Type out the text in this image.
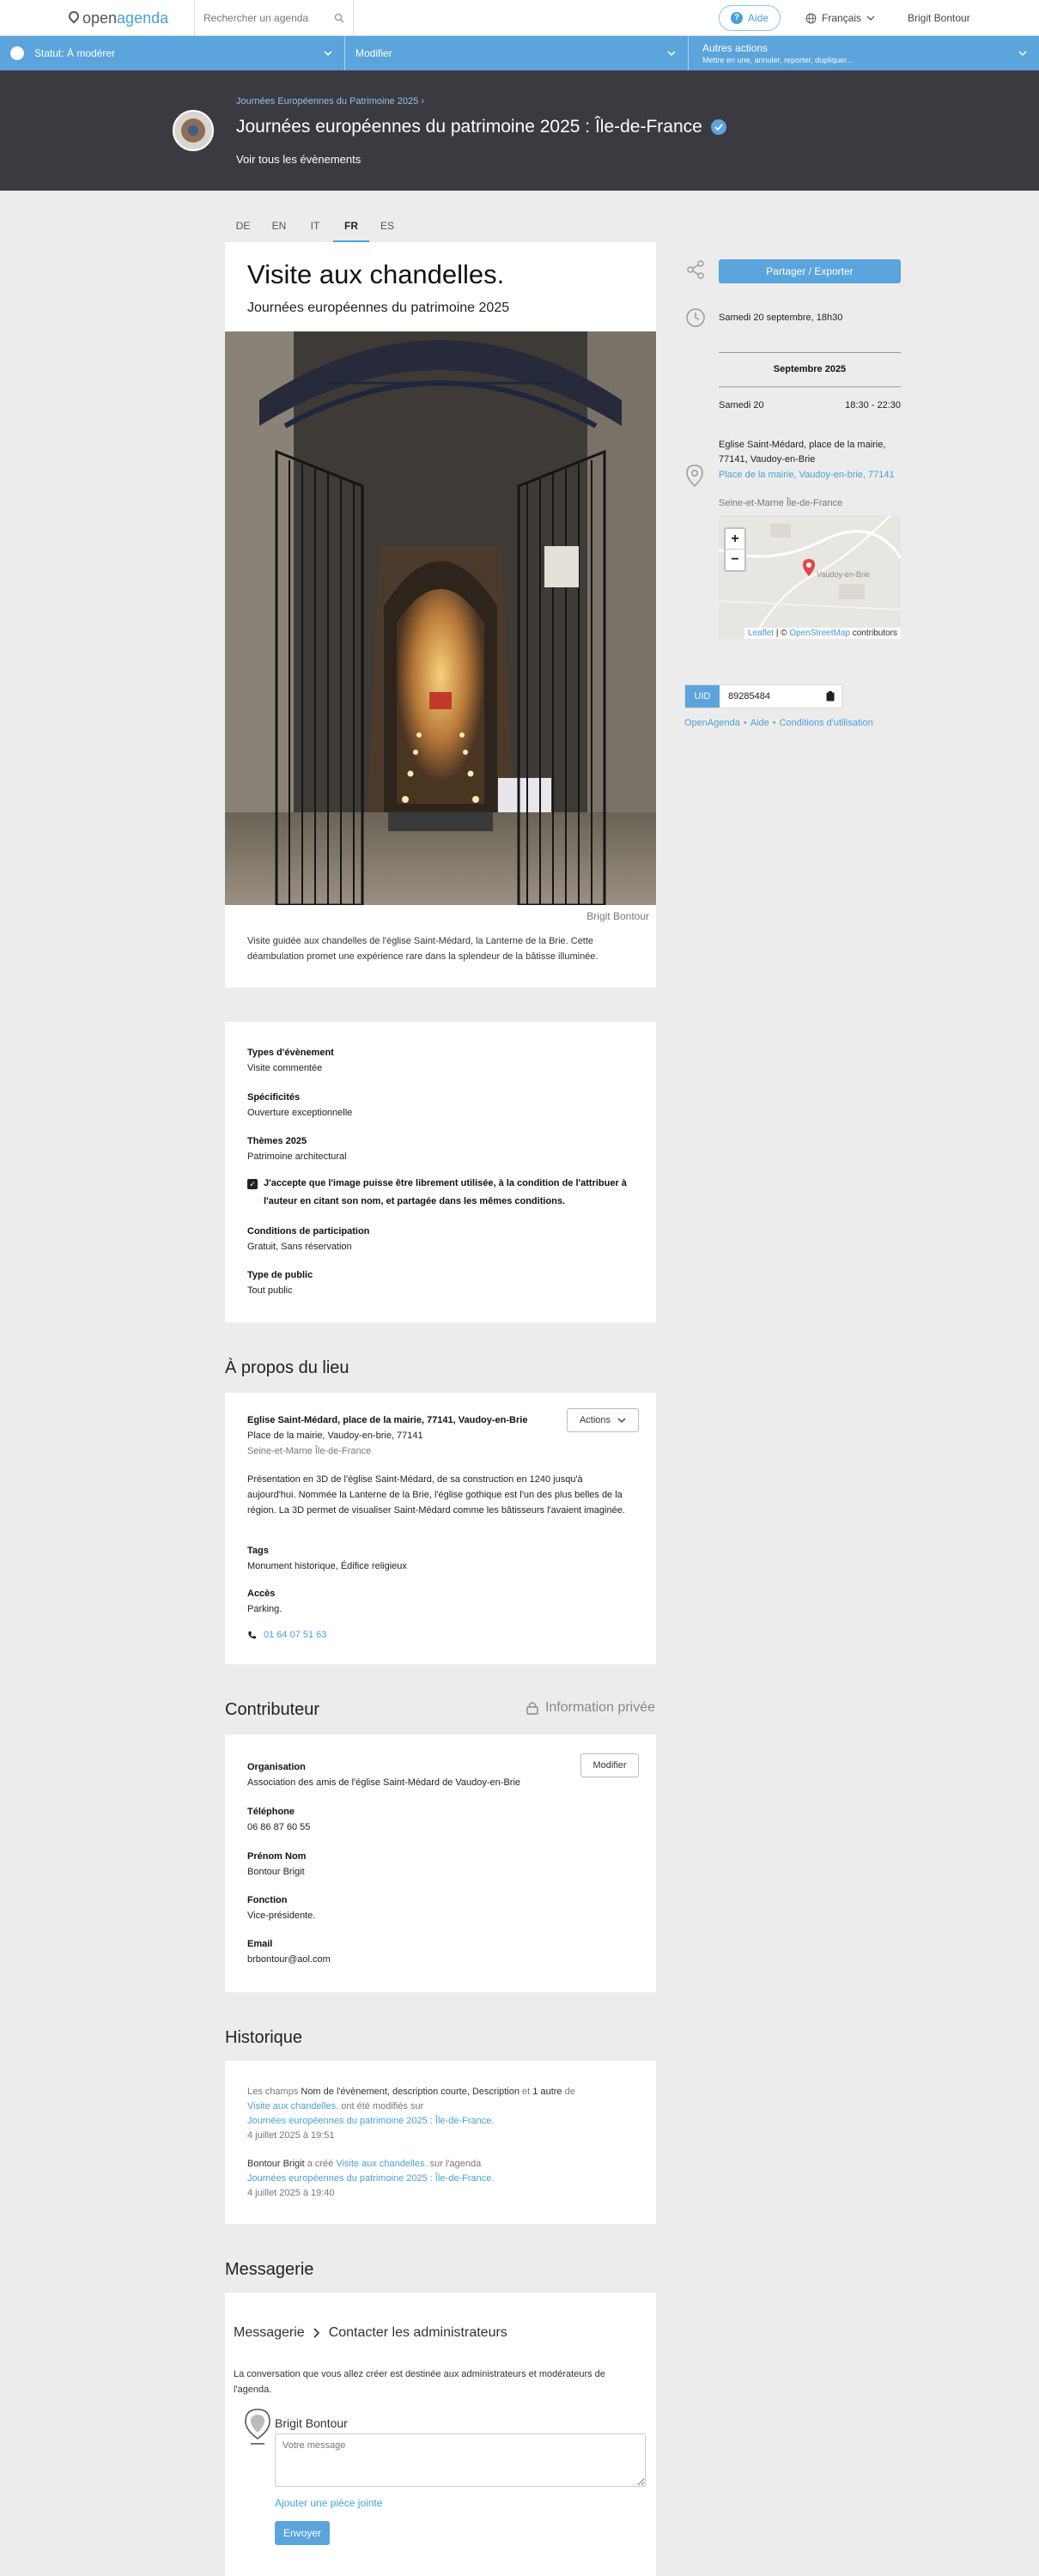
open agenda	Rechercher un agenda	? Aide	Français	Brigit Bontour
Statut: À modérer	Modifier	Autres actions
Mettre en une, annuler, reporter, dupliquer...
Journées Européennes du Patrimoine 2025 ›
Journées européennes du patrimoine 2025 : Île-de-France
Voir tous les évènements
DE	EN	IT	FR	ES
Visite aux chandelles.
Journées européennes du patrimoine 2025
Brigit Bontour
Visite guidée aux chandelles de l'église Saint-Médard, la Lanterne de la Brie. Cette déambulation promet une expérience rare dans la splendeur de la bâtisse illuminée.
Types d'évènement
Visite commentée
Spécificités
Ouverture exceptionnelle
Thèmes 2025
Patrimoine architectural
✓ J'accepte que l'image puisse être librement utilisée, à la condition de l'attribuer à l'auteur en citant son nom, et partagée dans les mêmes conditions.
Conditions de participation
Gratuit, Sans réservation
Type de public
Tout public
À propos du lieu
Eglise Saint-Médard, place de la mairie, 77141, Vaudoy-en-Brie
Place de la mairie, Vaudoy-en-brie, 77141
Seine-et-Marne Île-de-France
Actions
Présentation en 3D de l'église Saint-Médard, de sa construction en 1240 jusqu'à aujourd'hui. Nommée la Lanterne de la Brie, l'église gothique est l'un des plus belles de la région. La 3D permet de visualiser Saint-Médard comme les bâtisseurs l'avaient imaginée.
Tags
Monument historique, Édifice religieux
Accès
Parking.
01 64 07 51 63
Contributeur	Information privée
Modifier
Organisation
Association des amis de l'église Saint-Médard de Vaudoy-en-Brie
Téléphone
06 86 87 60 55
Prénom Nom
Bontour Brigit
Fonction
Vice-présidente.
Email
brbontour@aol.com
Historique
Les champs Nom de l'évènement, description courte, Description et 1 autre de
Visite aux chandelles. ont été modifiés sur
Journées européennes du patrimoine 2025 : Île-de-France.
4 juillet 2025 à 19:51
Bontour Brigit a créé Visite aux chandelles. sur l'agenda
Journées européennes du patrimoine 2025 : Île-de-France.
4 juillet 2025 à 19:40
Messagerie
Messagerie Contacter les administrateurs
La conversation que vous allez créer est destinée aux administrateurs et modérateurs de l'agenda.
Brigit Bontour
Votre message
Ajouter une pièce jointe
Envoyer
Partager / Exporter
Samedi 20 septembre, 18h30
Septembre 2025
Samedi 20	18:30 - 22:30
Eglise Saint-Médard, place de la mairie, 77141, Vaudoy-en-Brie
Place de la mairie, Vaudoy-en-brie, 77141
Seine-et-Marne Île-de-France
+
−
Vaudoy-en-Brie
Leaflet | © OpenStreetMap contributors
UID	89285484
OpenAgenda • Aide • Conditions d'utilisation
